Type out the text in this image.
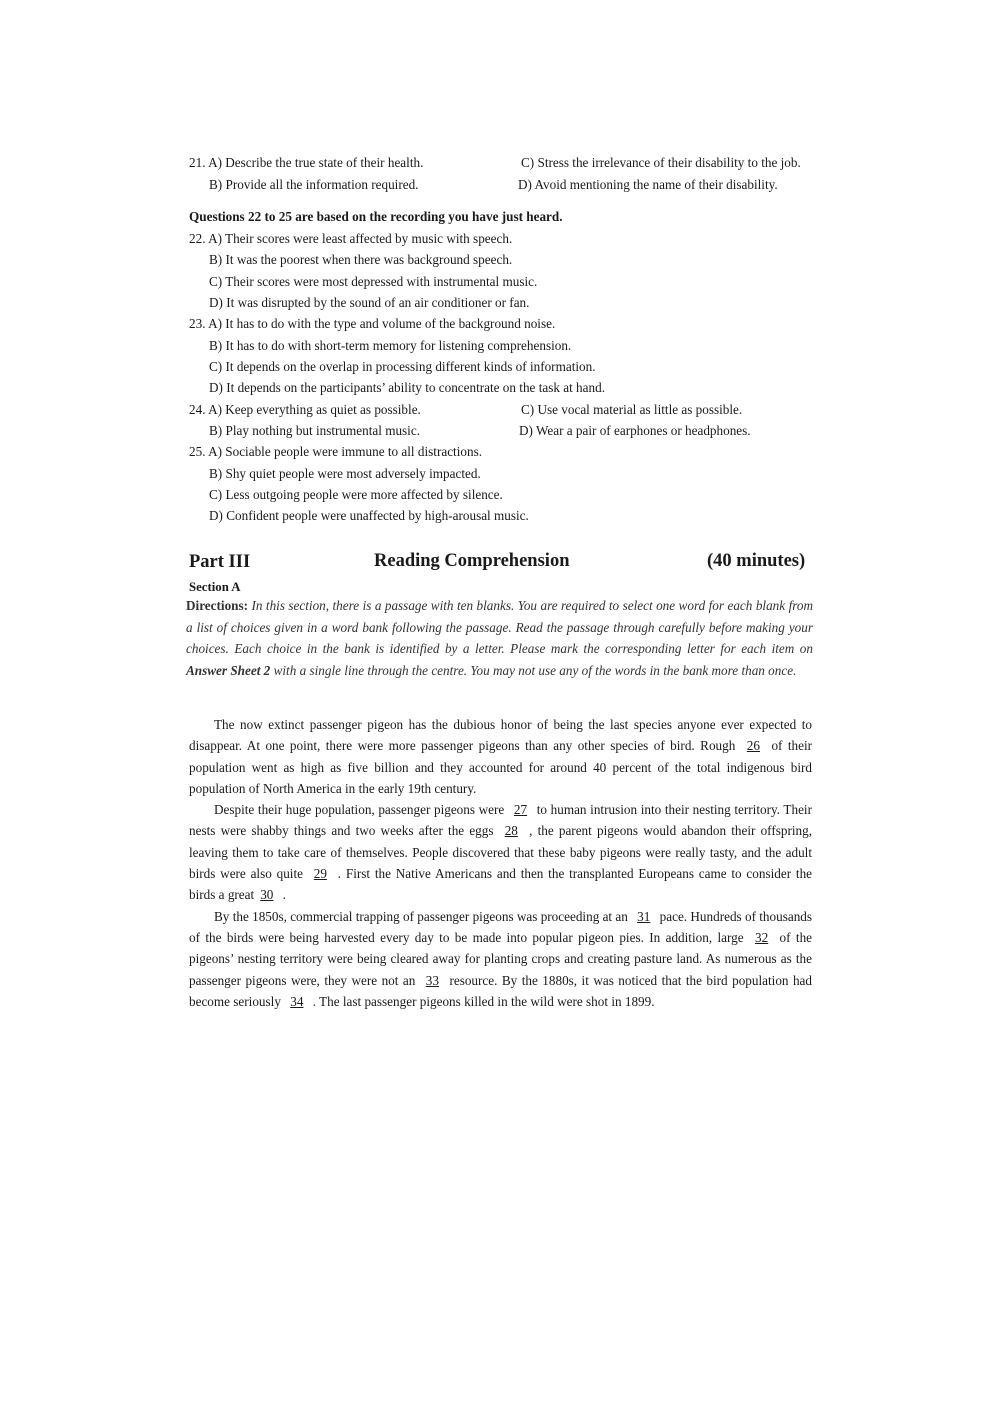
21. A) Describe the true state of their health.	C) Stress the irrelevance of their disability to the job.
B) Provide all the information required.	D) Avoid mentioning the name of their disability.
Questions 22 to 25 are based on the recording you have just heard.
22. A) Their scores were least affected by music with speech.
B) It was the poorest when there was background speech.
C) Their scores were most depressed with instrumental music.
D) It was disrupted by the sound of an air conditioner or fan.
23. A) It has to do with the type and volume of the background noise.
B) It has to do with short-term memory for listening comprehension.
C) It depends on the overlap in processing different kinds of information.
D) It depends on the participants’ ability to concentrate on the task at hand.
24. A) Keep everything as quiet as possible.	C) Use vocal material as little as possible.
B) Play nothing but instrumental music.	D) Wear a pair of earphones or headphones.
25. A) Sociable people were immune to all distractions.
B) Shy quiet people were most adversely impacted.
C) Less outgoing people were more affected by silence.
D) Confident people were unaffected by high-arousal music.
Part III	Reading Comprehension	(40 minutes)
Section A
Directions: In this section, there is a passage with ten blanks. You are required to select one word for each blank from a list of choices given in a word bank following the passage. Read the passage through carefully before making your choices. Each choice in the bank is identified by a letter. Please mark the corresponding letter for each item on Answer Sheet 2 with a single line through the centre. You may not use any of the words in the bank more than once.

The now extinct passenger pigeon has the dubious honor of being the last species anyone ever expected to disappear. At one point, there were more passenger pigeons than any other species of bird. Rough 26 of their population went as high as five billion and they accounted for around 40 percent of the total indigenous bird population of North America in the early 19th century.

Despite their huge population, passenger pigeons were 27 to human intrusion into their nesting territory. Their nests were shabby things and two weeks after the eggs 28 , the parent pigeons would abandon their offspring, leaving them to take care of themselves. People discovered that these baby pigeons were really tasty, and the adult birds were also quite 29 . First the Native Americans and then the transplanted Europeans came to consider the birds a great 30 .

By the 1850s, commercial trapping of passenger pigeons was proceeding at an 31 pace. Hundreds of thousands of the birds were being harvested every day to be made into popular pigeon pies. In addition, large 32 of the pigeons’ nesting territory were being cleared away for planting crops and creating pasture land. As numerous as the passenger pigeons were, they were not an 33 resource. By the 1880s, it was noticed that the bird population had become seriously 34 . The last passenger pigeons killed in the wild were shot in 1899.
